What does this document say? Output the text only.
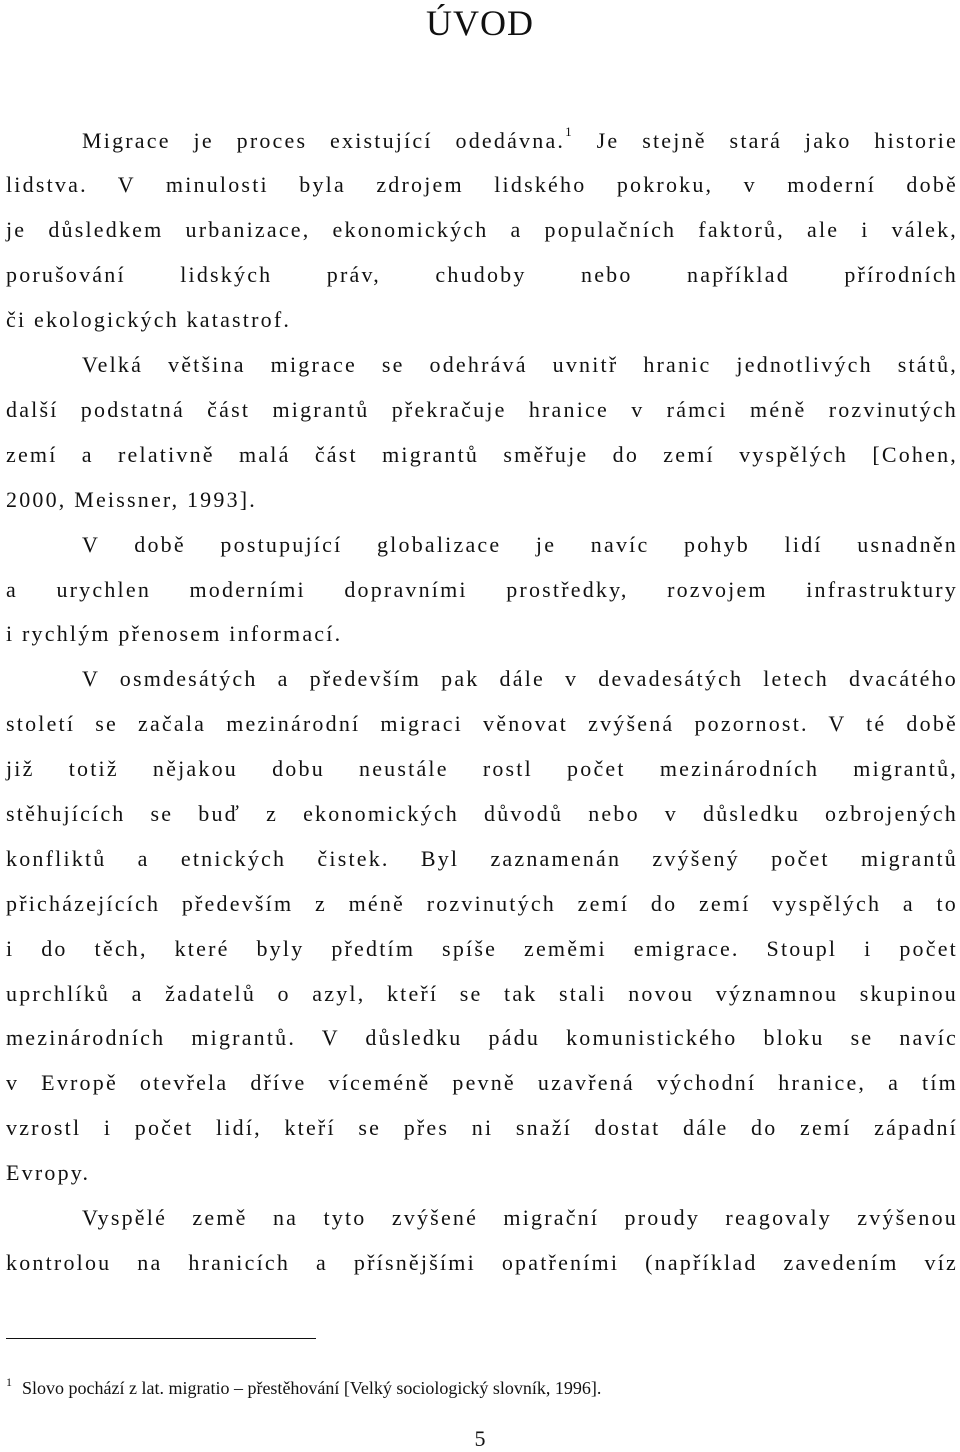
ÚVOD
Migrace je proces existující odedávna.$^1$ Je stejně stará jako historie
lidstva. V minulosti byla zdrojem lidského pokroku, v moderní době
je důsledkem urbanizace, ekonomických a populačních faktorů, ale i válek,
porušování lidských práv, chudoby nebo například přírodních
či ekologických katastrof.
Velká většina migrace se odehrává uvnitř hranic jednotlivých států,
další podstatná část migrantů překračuje hranice v rámci méně rozvinutých
zemí a relativně malá část migrantů směřuje do zemí vyspělých [Cohen,
2000, Meissner, 1993].
V době postupující globalizace je navíc pohyb lidí usnadněn
a urychlen moderními dopravními prostředky, rozvojem infrastruktury
i rychlým přenosem informací.
V osmdesátých a především pak dále v devadesátých letech dvacátého
století se začala mezinárodní migraci věnovat zvýšená pozornost. V té době
již totiž nějakou dobu neustále rostl počet mezinárodních migrantů,
stěhujících se buď z ekonomických důvodů nebo v důsledku ozbrojených
konfliktů a etnických čistek. Byl zaznamenán zvýšený počet migrantů
přicházejících především z méně rozvinutých zemí do zemí vyspělých a to
i do těch, které byly předtím spíše zeměmi emigrace. Stoupl i počet
uprchlíků a žadatelů o azyl, kteří se tak stali novou významnou skupinou
mezinárodních migrantů. V důsledku pádu komunistického bloku se navíc
v Evropě otevřela dříve víceméně pevně uzavřená východní hranice, a tím
vzrostl i počet lidí, kteří se přes ni snaží dostat dále do zemí západní
Evropy.
Vyspělé země na tyto zvýšené migrační proudy reagovaly zvýšenou
kontrolou na hranicích a přísnějšími opatřeními (například zavedením víz
$^1$ Slovo pochází z lat. migratio – přestěhování [Velký sociologický slovník, 1996].
5
